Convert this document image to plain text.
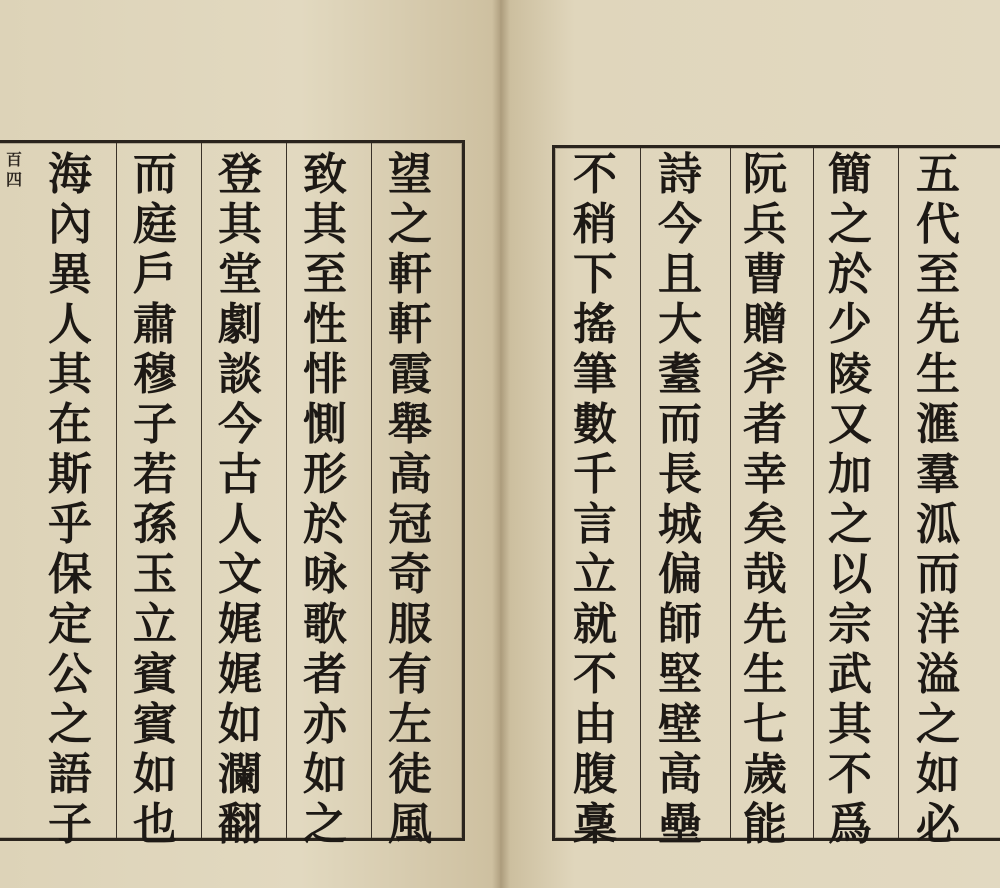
百
四	望
之
軒
軒
霞
舉
高
冠
奇
服
有
左
徒
風
致
其
至
性
悱
惻
形
於
咏
歌
者
亦
如
之
登
其
堂
劇
談
今
古
人
文
娓
娓
如
瀾
翻
而
庭
戶
肅
穆
子
若
孫
玉
立
賓
賓
如
也
海
內
異
人
其
在
斯
乎
保
定
公
之
語
子
五
代
至
先
生
滙
羣
泒
而
洋
溢
之
如
必
簡
之
於
少
陵
又
加
之
以
宗
武
其
不
爲
阮
兵
曹
贈
斧
者
幸
矣
哉
先
生
七
歲
能
詩
今
且
大
耋
而
長
城
偏
師
堅
壁
高
壘
不
稍
下
搖
筆
數
千
言
立
就
不
由
腹
稾
